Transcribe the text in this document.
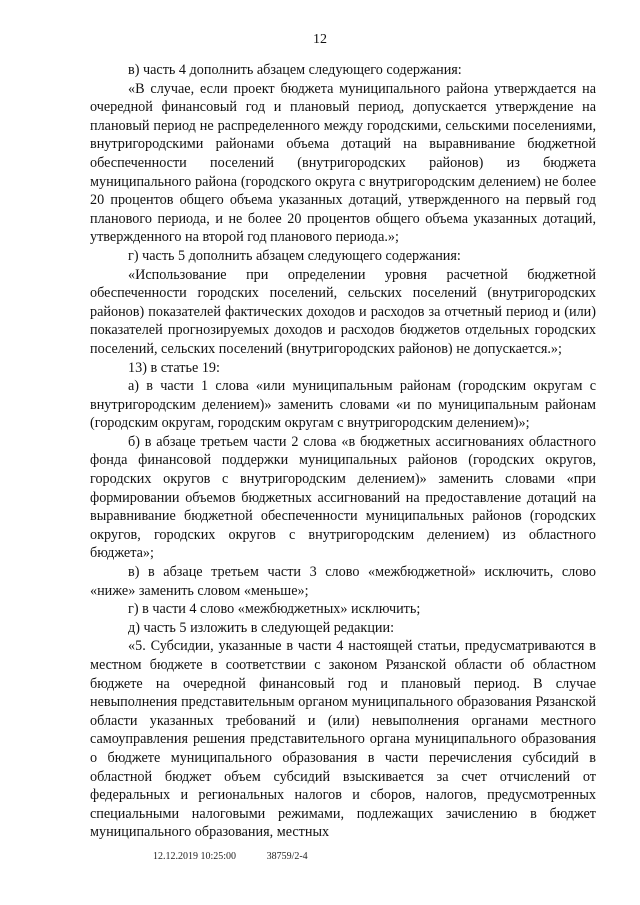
12

в) часть 4 дополнить абзацем следующего содержания:

«В случае, если проект бюджета муниципального района утверждается на очередной финансовый год и плановый период, допускается утверждение на плановый период не распределенного между городскими, сельскими поселениями, внутригородскими районами объема дотаций на выравнивание бюджетной обеспеченности поселений (внутригородских районов) из бюджета муниципального района (городского округа с внутригородским делением) не более 20 процентов общего объема указанных дотаций, утвержденного на первый год планового периода, и не более 20 процентов общего объема указанных дотаций, утвержденного на второй год планового периода.»;

г) часть 5 дополнить абзацем следующего содержания:

«Использование при определении уровня расчетной бюджетной обеспеченности городских поселений, сельских поселений (внутригородских районов) показателей фактических доходов и расходов за отчетный период и (или) показателей прогнозируемых доходов и расходов бюджетов отдельных городских поселений, сельских поселений (внутригородских районов) не допускается.»;

13) в статье 19:

а) в части 1 слова «или муниципальным районам (городским округам с внутригородским делением)» заменить словами «и по муниципальным районам (городским округам, городским округам с внутригородским делением)»;

б) в абзаце третьем части 2 слова «в бюджетных ассигнованиях областного фонда финансовой поддержки муниципальных районов (городских округов, городских округов с внутригородским делением)» заменить словами «при формировании объемов бюджетных ассигнований на предоставление дотаций на выравнивание бюджетной обеспеченности муниципальных районов (городских округов, городских округов с внутригородским делением) из областного бюджета»;

в) в абзаце третьем части 3 слово «межбюджетной» исключить, слово «ниже» заменить словом «меньше»;

г) в части 4 слово «межбюджетных» исключить;

д) часть 5 изложить в следующей редакции:

«5. Субсидии, указанные в части 4 настоящей статьи, предусматриваются в местном бюджете в соответствии с законом Рязанской области об областном бюджете на очередной финансовый год и плановый период. В случае невыполнения представительным органом муниципального образования Рязанской области указанных требований и (или) невыполнения органами местного самоуправления решения представительного органа муниципального образования о бюджете муниципального образования в части перечисления субсидий в областной бюджет объем субсидий взыскивается за счет отчислений от федеральных и региональных налогов и сборов, налогов, предусмотренных специальными налоговыми режимами, подлежащих зачислению в бюджет муниципального образования, местных

12.12.2019 10:25:00	38759/2-4
